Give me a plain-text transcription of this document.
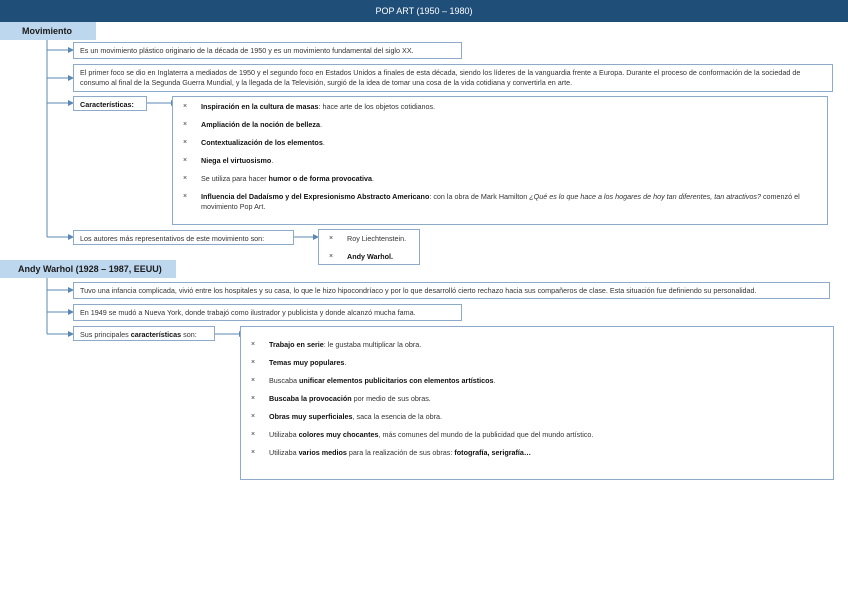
POP ART (1950 – 1980)
Movimiento
Es un movimiento plástico originario de la década de 1950 y es un movimiento fundamental del siglo XX.
El primer foco se dio en Inglaterra a mediados de 1950 y el segundo foco en Estados Unidos a finales de esta década, siendo los líderes de la vanguardia frente a Europa. Durante el proceso de conformación de la sociedad de consumo al final de la Segunda Guerra Mundial, y la llegada de la Televisión, surgió de la idea de tomar una cosa de la vida cotidiana y convertirla en arte.
Características:	×	Inspiración en la cultura de masas: hace arte de los objetos cotidianos.
×	Ampliación de la noción de belleza.
×	Contextualización de los elementos.
×	Niega el virtuosismo.
×	Se utiliza para hacer humor o de forma provocativa.
×	Influencia del Dadaísmo y del Expresionismo Abstracto Americano: con la obra de Mark Hamilton ¿Qué es lo que hace a los hogares de hoy tan diferentes, tan atractivos? comenzó el movimiento Pop Art.
Los autores más representativos de este movimiento son:	×	Roy Liechtenstein.
×	Andy Warhol.
Andy Warhol (1928 – 1987, EEUU)
Tuvo una infancia complicada, vivió entre los hospitales y su casa, lo que le hizo hipocondríaco y por lo que desarrolló cierto rechazo hacia sus compañeros de clase. Esta situación fue definiendo su personalidad.
En 1949 se mudó a Nueva York, donde trabajó como ilustrador y publicista y donde alcanzó mucha fama.
Sus principales características son:
×	Trabajo en serie: le gustaba multiplicar la obra.
×	Temas muy populares.
×	Buscaba unificar elementos publicitarios con elementos artísticos.
×	Buscaba la provocación por medio de sus obras.
×	Obras muy superficiales, saca la esencia de la obra.
×	Utilizaba colores muy chocantes, más comunes del mundo de la publicidad que del mundo artístico.
×	Utilizaba varios medios para la realización de sus obras: fotografía, serigrafía…
